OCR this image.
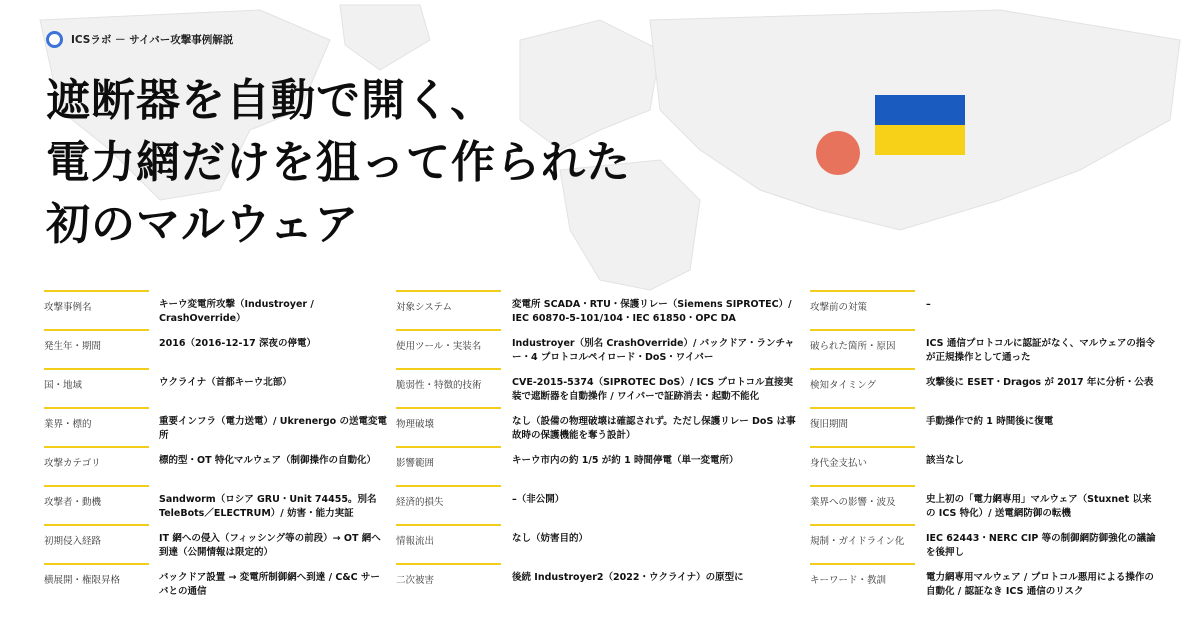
ICSラボ － サイバー攻撃事例解説
遮断器を自動で開く、
電力網だけを狙って作られた
初のマルウェア
攻撃事例名	キーウ変電所攻撃（Industroyer / CrashOverride）
発生年・期間	2016（2016-12-17 深夜の停電）
国・地域	ウクライナ（首都キーウ北部）
業界・標的	重要インフラ（電力送電）/ Ukrenergo の送電変電所
攻撃カテゴリ	標的型・OT 特化マルウェア（制御操作の自動化）
攻撃者・動機	Sandworm（ロシア GRU・Unit 74455。別名 TeleBots／ELECTRUM）/ 妨害・能力実証
初期侵入経路	IT 網への侵入（フィッシング等の前段）→ OT 網へ到達（公開情報は限定的）
横展開・権限昇格	バックドア設置 → 変電所制御網へ到達 / C&C サーバとの通信
対象システム	変電所 SCADA・RTU・保護リレー（Siemens SIPROTEC）/ IEC 60870-5-101/104・IEC 61850・OPC DA
使用ツール・実装名	Industroyer（別名 CrashOverride）/ バックドア・ランチャー・4 プロトコルペイロード・DoS・ワイパー
脆弱性・特徴的技術	CVE-2015-5374（SIPROTEC DoS）/ ICS プロトコル直接実装で遮断器を自動操作 / ワイパーで証跡消去・起動不能化
物理破壊	なし（設備の物理破壊は確認されず。ただし保護リレー DoS は事故時の保護機能を奪う設計）
影響範囲	キーウ市内の約 1/5 が約 1 時間停電（単一変電所）
経済的損失	–（非公開）
情報流出	なし（妨害目的）
二次被害	後続 Industroyer2（2022・ウクライナ）の原型に
攻撃前の対策	–
破られた箇所・原因	ICS 通信プロトコルに認証がなく、マルウェアの指令が正規操作として通った
検知タイミング	攻撃後に ESET・Dragos が 2017 年に分析・公表
復旧期間	手動操作で約 1 時間後に復電
身代金支払い	該当なし
業界への影響・波及	史上初の「電力網専用」マルウェア（Stuxnet 以来の ICS 特化）/ 送電網防御の転機
規制・ガイドライン化 IEC 62443・NERC CIP 等の制御網防御強化の議論を後押し
キーワード・教訓	電力網専用マルウェア / プロトコル悪用による操作の自動化 / 認証なき ICS 通信のリスク
